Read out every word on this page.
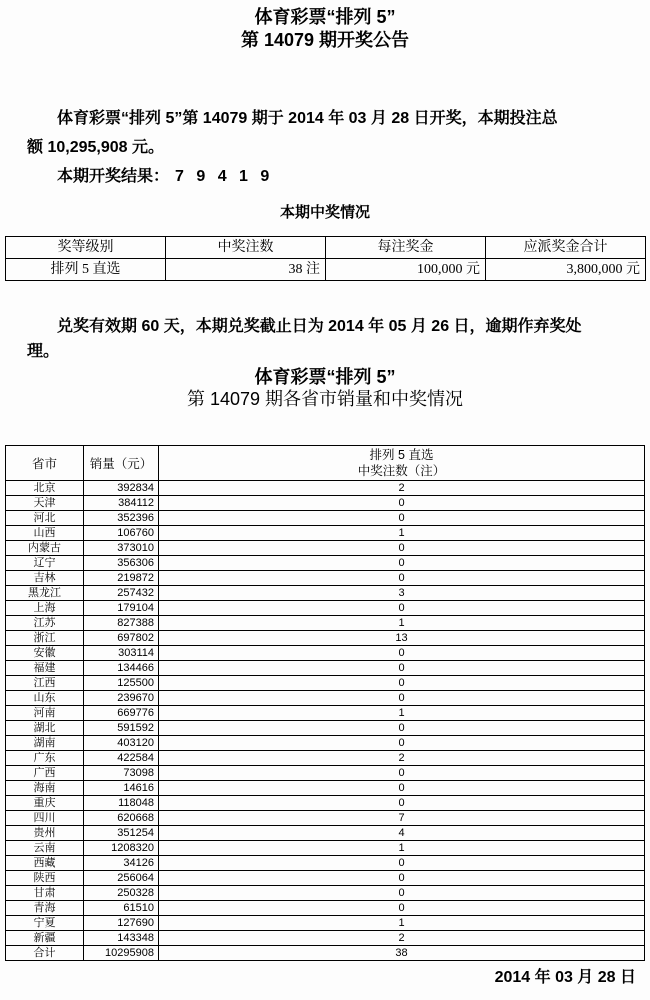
体育彩票“排列 5”
第 14079 期开奖公告
体育彩票“排列 5”第 14079 期于 2014 年 03 月 28 日开奖，本期投注总
额 10,295,908 元。
本期开奖结果： 7 9 4 1 9
本期中奖情况
奖等级别	中奖注数	每注奖金	应派奖金合计
排列 5 直选	38 注	100,000 元	3,800,000 元
兑奖有效期 60 天，本期兑奖截止日为 2014 年 05 月 26 日，逾期作弃奖处
理。
体育彩票“排列 5”
第 14079 期各省市销量和中奖情况
省市	销量（元）	排列 5 直选
中奖注数（注）

北京	392834	2
天津	384112	0
河北	352396	0
山西	106760	1
内蒙古	373010	0
辽宁	356306	0
吉林	219872	0
黑龙江	257432	3
上海	179104	0
江苏	827388	1
浙江	697802	13
安徽	303114	0
福建	134466	0
江西	125500	0
山东	239670	0
河南	669776	1
湖北	591592	0
湖南	403120	0
广东	422584	2
广西	73098	0
海南	14616	0
重庆	118048	0
四川	620668	7
贵州	351254	4
云南	1208320	1
西藏	34126	0
陕西	256064	0
甘肃	250328	0
青海	61510	0
宁夏	127690	1
新疆	143348	2
合计	10295908	38
2014 年 03 月 28 日
